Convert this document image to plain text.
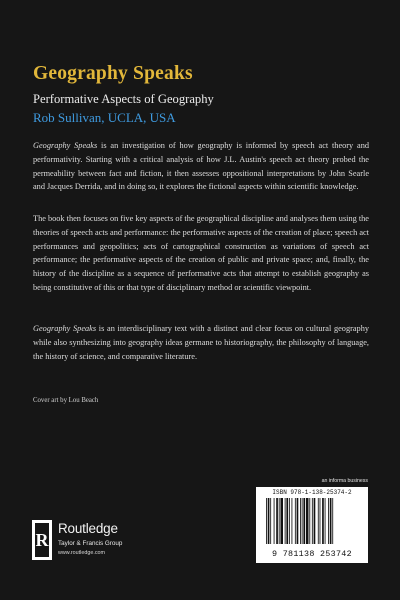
Geography Speaks
Performative Aspects of Geography
Rob Sullivan, UCLA, USA

Geography Speaks is an investigation of how geography is informed by speech act theory and performativity. Starting with a critical analysis of how J.L. Austin's speech act theory probed the permeability between fact and fiction, it then assesses oppositional interpretations by John Searle and Jacques Derrida, and in doing so, it explores the fictional aspects within scientific knowledge.

The book then focuses on five key aspects of the geographical discipline and analyses them using the theories of speech acts and performance: the performative aspects of the creation of place; speech act performances and geopolitics; acts of cartographical construction as variations of speech act performance; the performative aspects of the creation of public and private space; and, finally, the history of the discipline as a sequence of performative acts that attempt to establish geography as being constitutive of this or that type of disciplinary method or scientific viewpoint.

Geography Speaks is an interdisciplinary text with a distinct and clear focus on cultural geography while also synthesizing into geography ideas germane to historiography, the philosophy of language, the history of science, and comparative literature.

Cover art by Lou Beach
an informa business
R
Routledge
Taylor & Francis Group
www.routledge.com
ISBN 978-1-138-25374-2
9 781138 253742
